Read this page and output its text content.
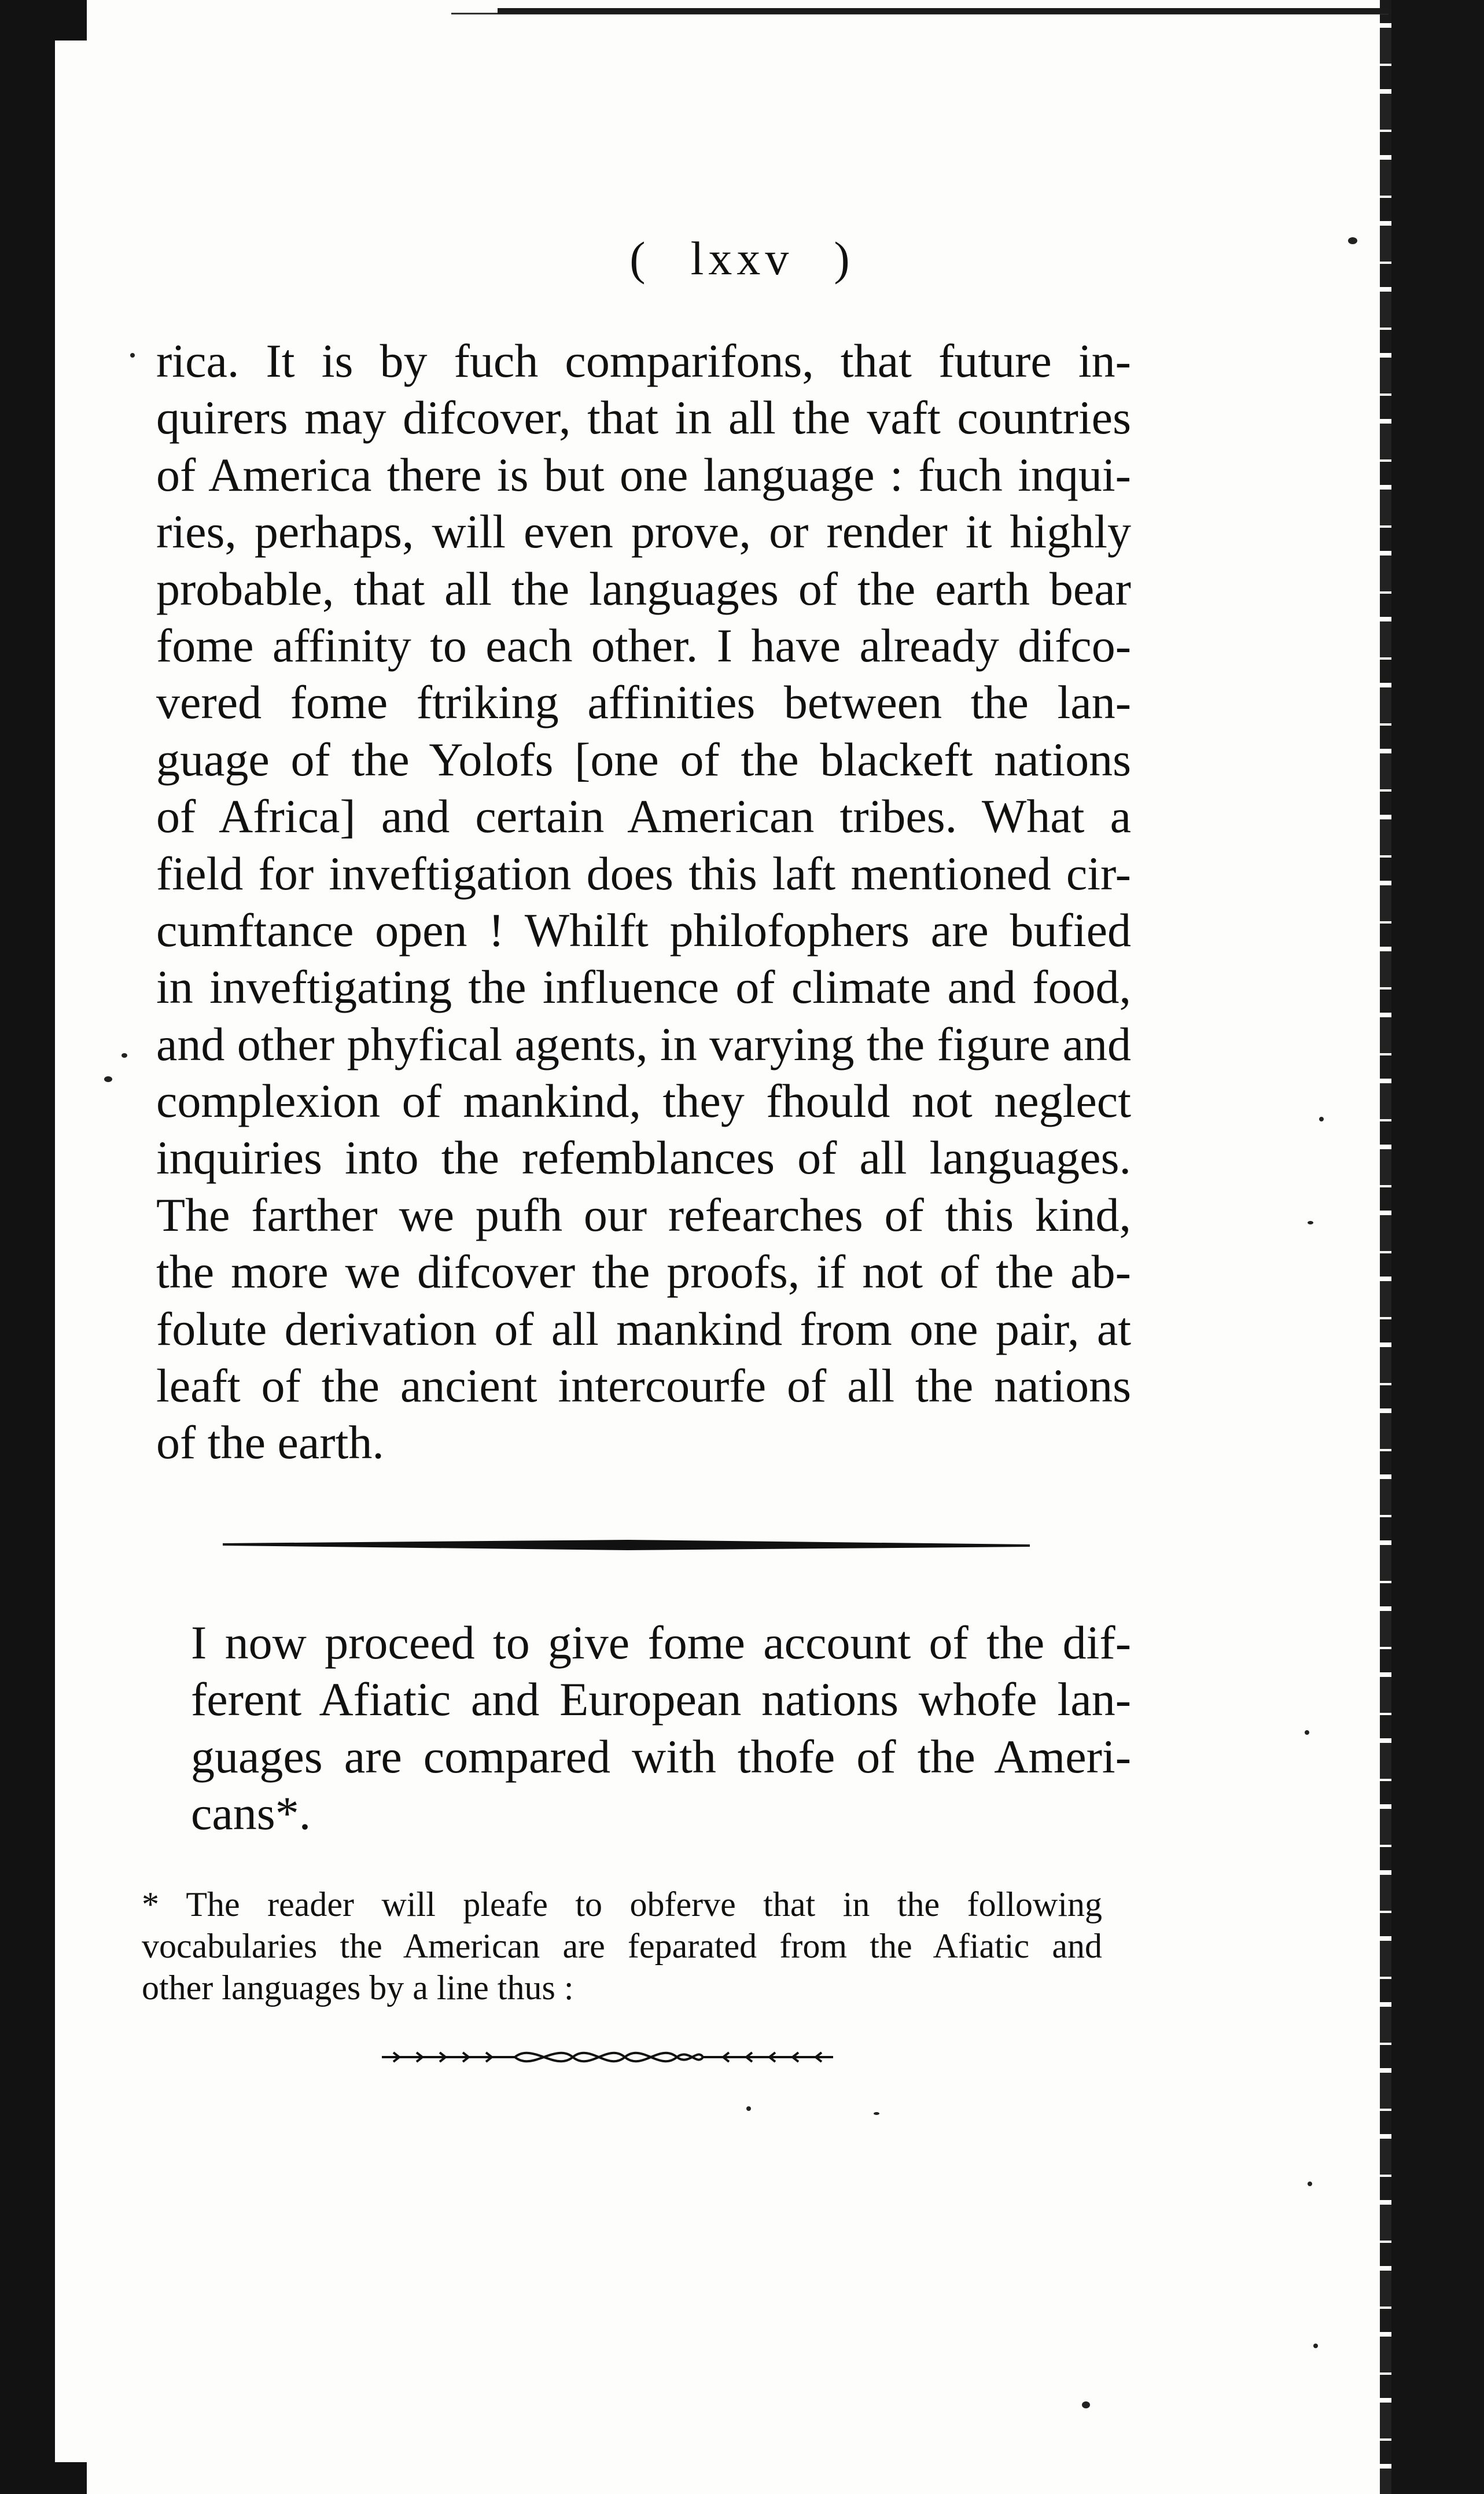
( lxxv )
rica. It is by fuch comparifons, that future in-
quirers may difcover, that in all the vaft countries
of America there is but one language : fuch inqui-
ries, perhaps, will even prove, or render it highly
probable, that all the languages of the earth bear
fome affinity to each other. I have already difco-
vered fome ftriking affinities between the lan-
guage of the Yolofs [one of the blackeft nations
of Africa] and certain American tribes. What a
field for inveftigation does this laft mentioned cir-
cumftance open ! Whilft philofophers are bufied
in inveftigating the influence of climate and food,
and other phyfical agents, in varying the figure and
complexion of mankind, they fhould not neglect
inquiries into the refemblances of all languages.
The farther we pufh our refearches of this kind,
the more we difcover the proofs, if not of the ab-
folute derivation of all mankind from one pair, at
leaft of the ancient intercourfe of all the nations
of the earth.
I now proceed to give fome account of the dif-
ferent Afiatic and European nations whofe lan-
guages are compared with thofe of the Ameri-
cans*.
* The reader will pleafe to obferve that in the following
vocabularies the American are feparated from the Afiatic and
other languages by a line thus :
